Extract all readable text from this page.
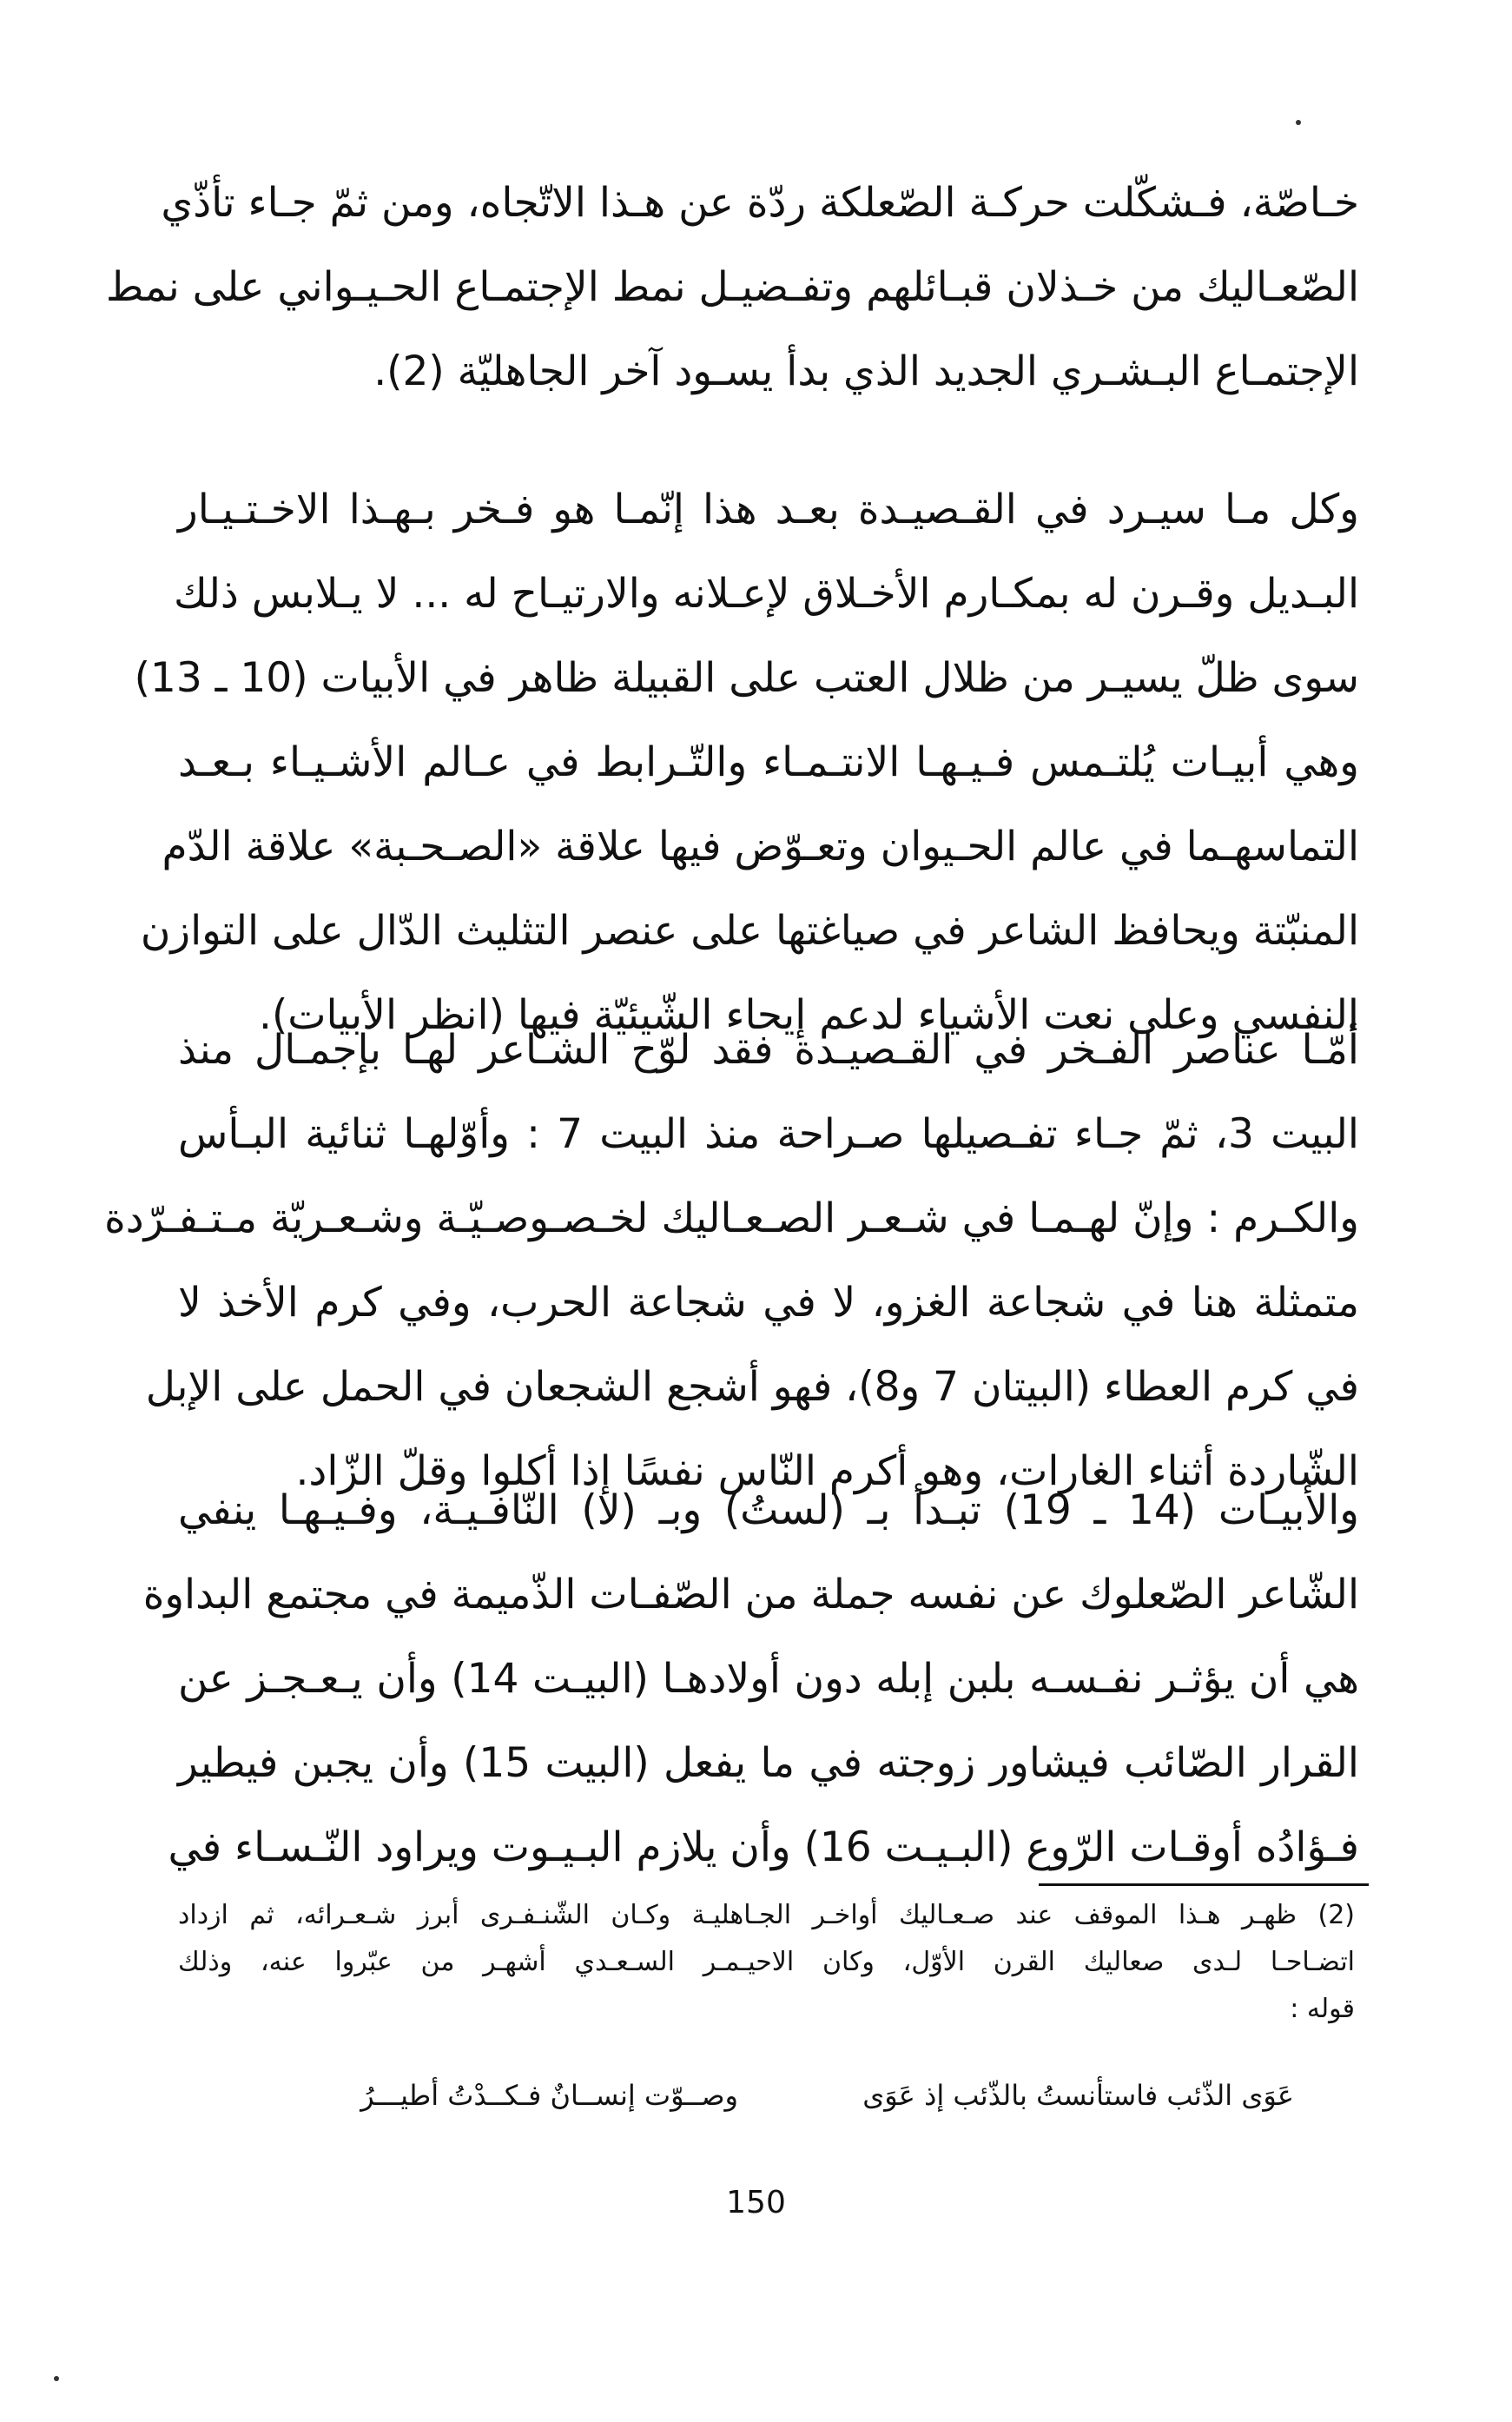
خـاصّة، فـشكّلت حركـة الصّعلكة ردّة عن هـذا الاتّجاه، ومن ثمّ جـاء تأذّي
الصّعـاليك من خـذلان قبـائلهم وتفـضيـل نمط الإجتمـاع الحـيـواني على نمط
الإجتمـاع البـشـري الجديد الذي بدأ يسـود آخر الجاهليّة (2).
وكل مـا سيـرد في القـصيـدة بعـد هذا إنّمـا هو فـخر بـهـذا الاخـتـيـار
البـديل وقـرن له بمكـارم الأخـلاق لإعـلانه والارتيـاح له ... لا يـلابس ذلك
سوى ظلّ يسيـر من ظلال العتب على القبيلة ظاهر في الأبيات (10 ـ 13)
وهي أبيـات يُلتـمس فـيـهـا الانتـمـاء والتّـرابط في عـالم الأشـيـاء بـعـد
التماسهـما في عالم الحـيوان وتعـوّض فيها علاقة «الصـحـبة» علاقة الدّم
المنبّتة ويحافظ الشاعر في صياغتها على عنصر التثليث الدّال على التوازن
النفسي وعلى نعت الأشياء لدعم إيحاء الشّيئيّة فيها (انظر الأبيات).
أمّـا عناصر الفـخر في القـصيـدة فقد لوّح الشـاعر لهـا بإجمـال منذ
البيت 3، ثمّ جـاء تفـصيلها صـراحة منذ البيت 7 : وأوّلهـا ثنائية البـأس
والكـرم : وإنّ لهـمـا في شـعـر الصـعـاليك لخـصـوصـيّـة وشـعـريّة مـتـفـرّدة
متمثلة هنا في شجاعة الغزو، لا في شجاعة الحرب، وفي كرم الأخذ لا
في كرم العطاء (البيتان 7 و8)، فهو أشجع الشجعان في الحمل على الإبل
الشّاردة أثناء الغارات، وهو أكرم النّاس نفسًا إذا أكلوا وقلّ الزّاد.
والأبيـات (14 ـ 19) تبـدأ بـ (لستُ) وبـ (لا) النّافـيـة، وفـيـهـا ينفي
الشّاعر الصّعلوك عن نفسه جملة من الصّفـات الذّميمة في مجتمع البداوة
هي أن يؤثـر نفـسـه بلبن إبله دون أولادهـا (البيـت 14) وأن يـعـجـز عن
القرار الصّائب فيشاور زوجته في ما يفعل (البيت 15) وأن يجبن فيطير
فـؤادُه أوقـات الرّوع (البـيـت 16) وأن يلازم البـيـوت ويراود النّـسـاء في
(2) ظهـر هـذا الموقف عند صـعـاليك أواخـر الجـاهليـة وكـان الشّنـفـرى أبرز شـعـرائه، ثم ازداد
اتضـاحـا لـدى صعاليك القرن الأوّل، وكان الاحيـمـر السـعـدي أشهـر من عبّروا عنه، وذلك
قوله :
عَوَى الذّئب فاستأنستُ بالذّئب إذ عَوَى
وصــوّت إنســانٌ فـكــدْتُ أطيـــرُ
150
